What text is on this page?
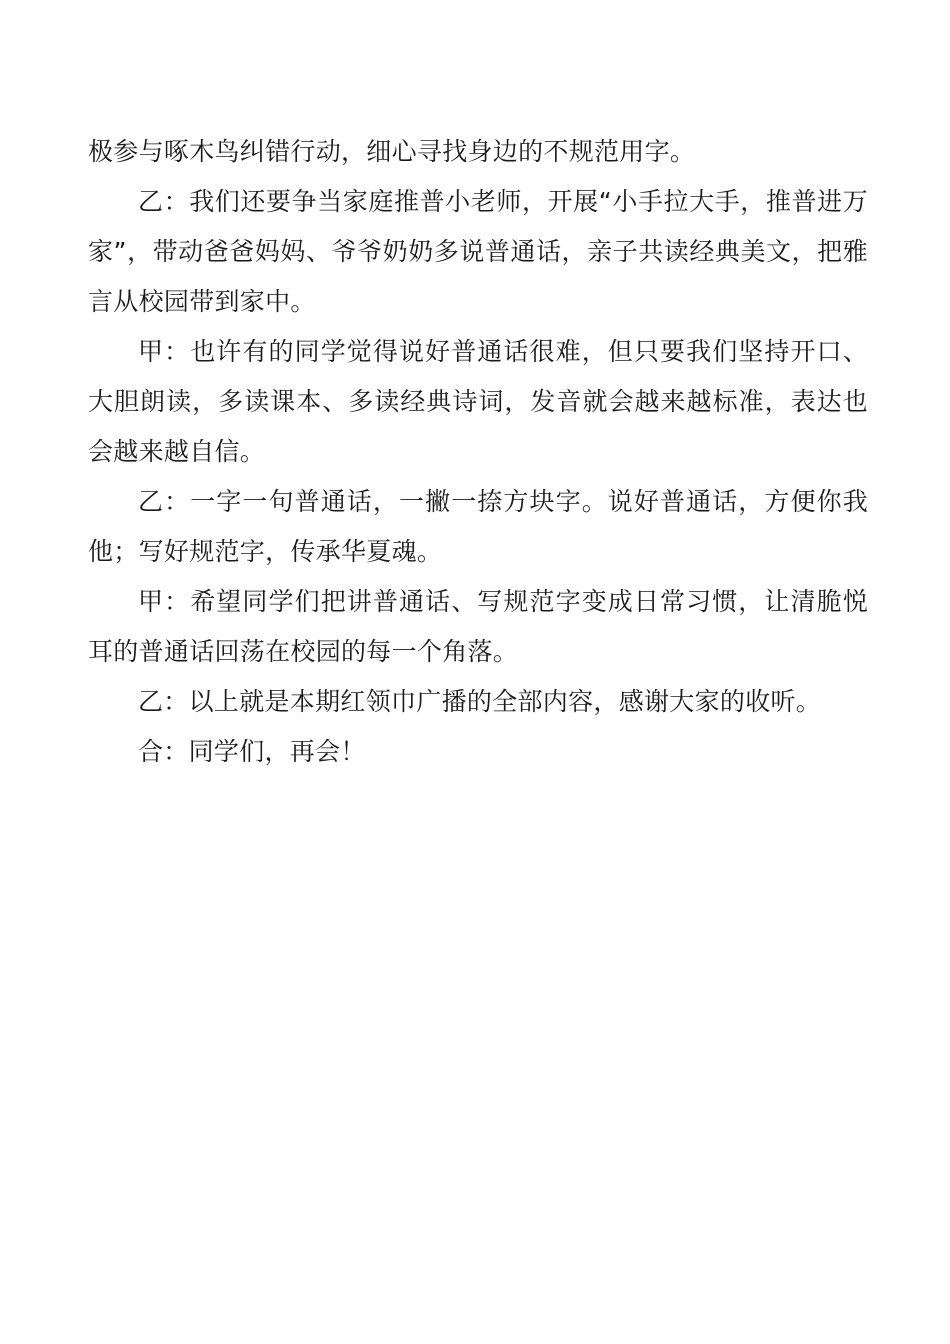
极参与啄木鸟纠错行动，细心寻找身边的不规范用字。

乙：我们还要争当家庭推普小老师，开展“小手拉大手，推普进万家”，带动爸爸妈妈、爷爷奶奶多说普通话，亲子共读经典美文，把雅言从校园带到家中。

甲：也许有的同学觉得说好普通话很难，但只要我们坚持开口、大胆朗读，多读课本、多读经典诗词，发音就会越来越标准，表达也会越来越自信。

乙：一字一句普通话，一撇一捺方块字。说好普通话，方便你我他；写好规范字，传承华夏魂。

甲：希望同学们把讲普通话、写规范字变成日常习惯，让清脆悦耳的普通话回荡在校园的每一个角落。

乙：以上就是本期红领巾广播的全部内容，感谢大家的收听。

合：同学们，再会！
